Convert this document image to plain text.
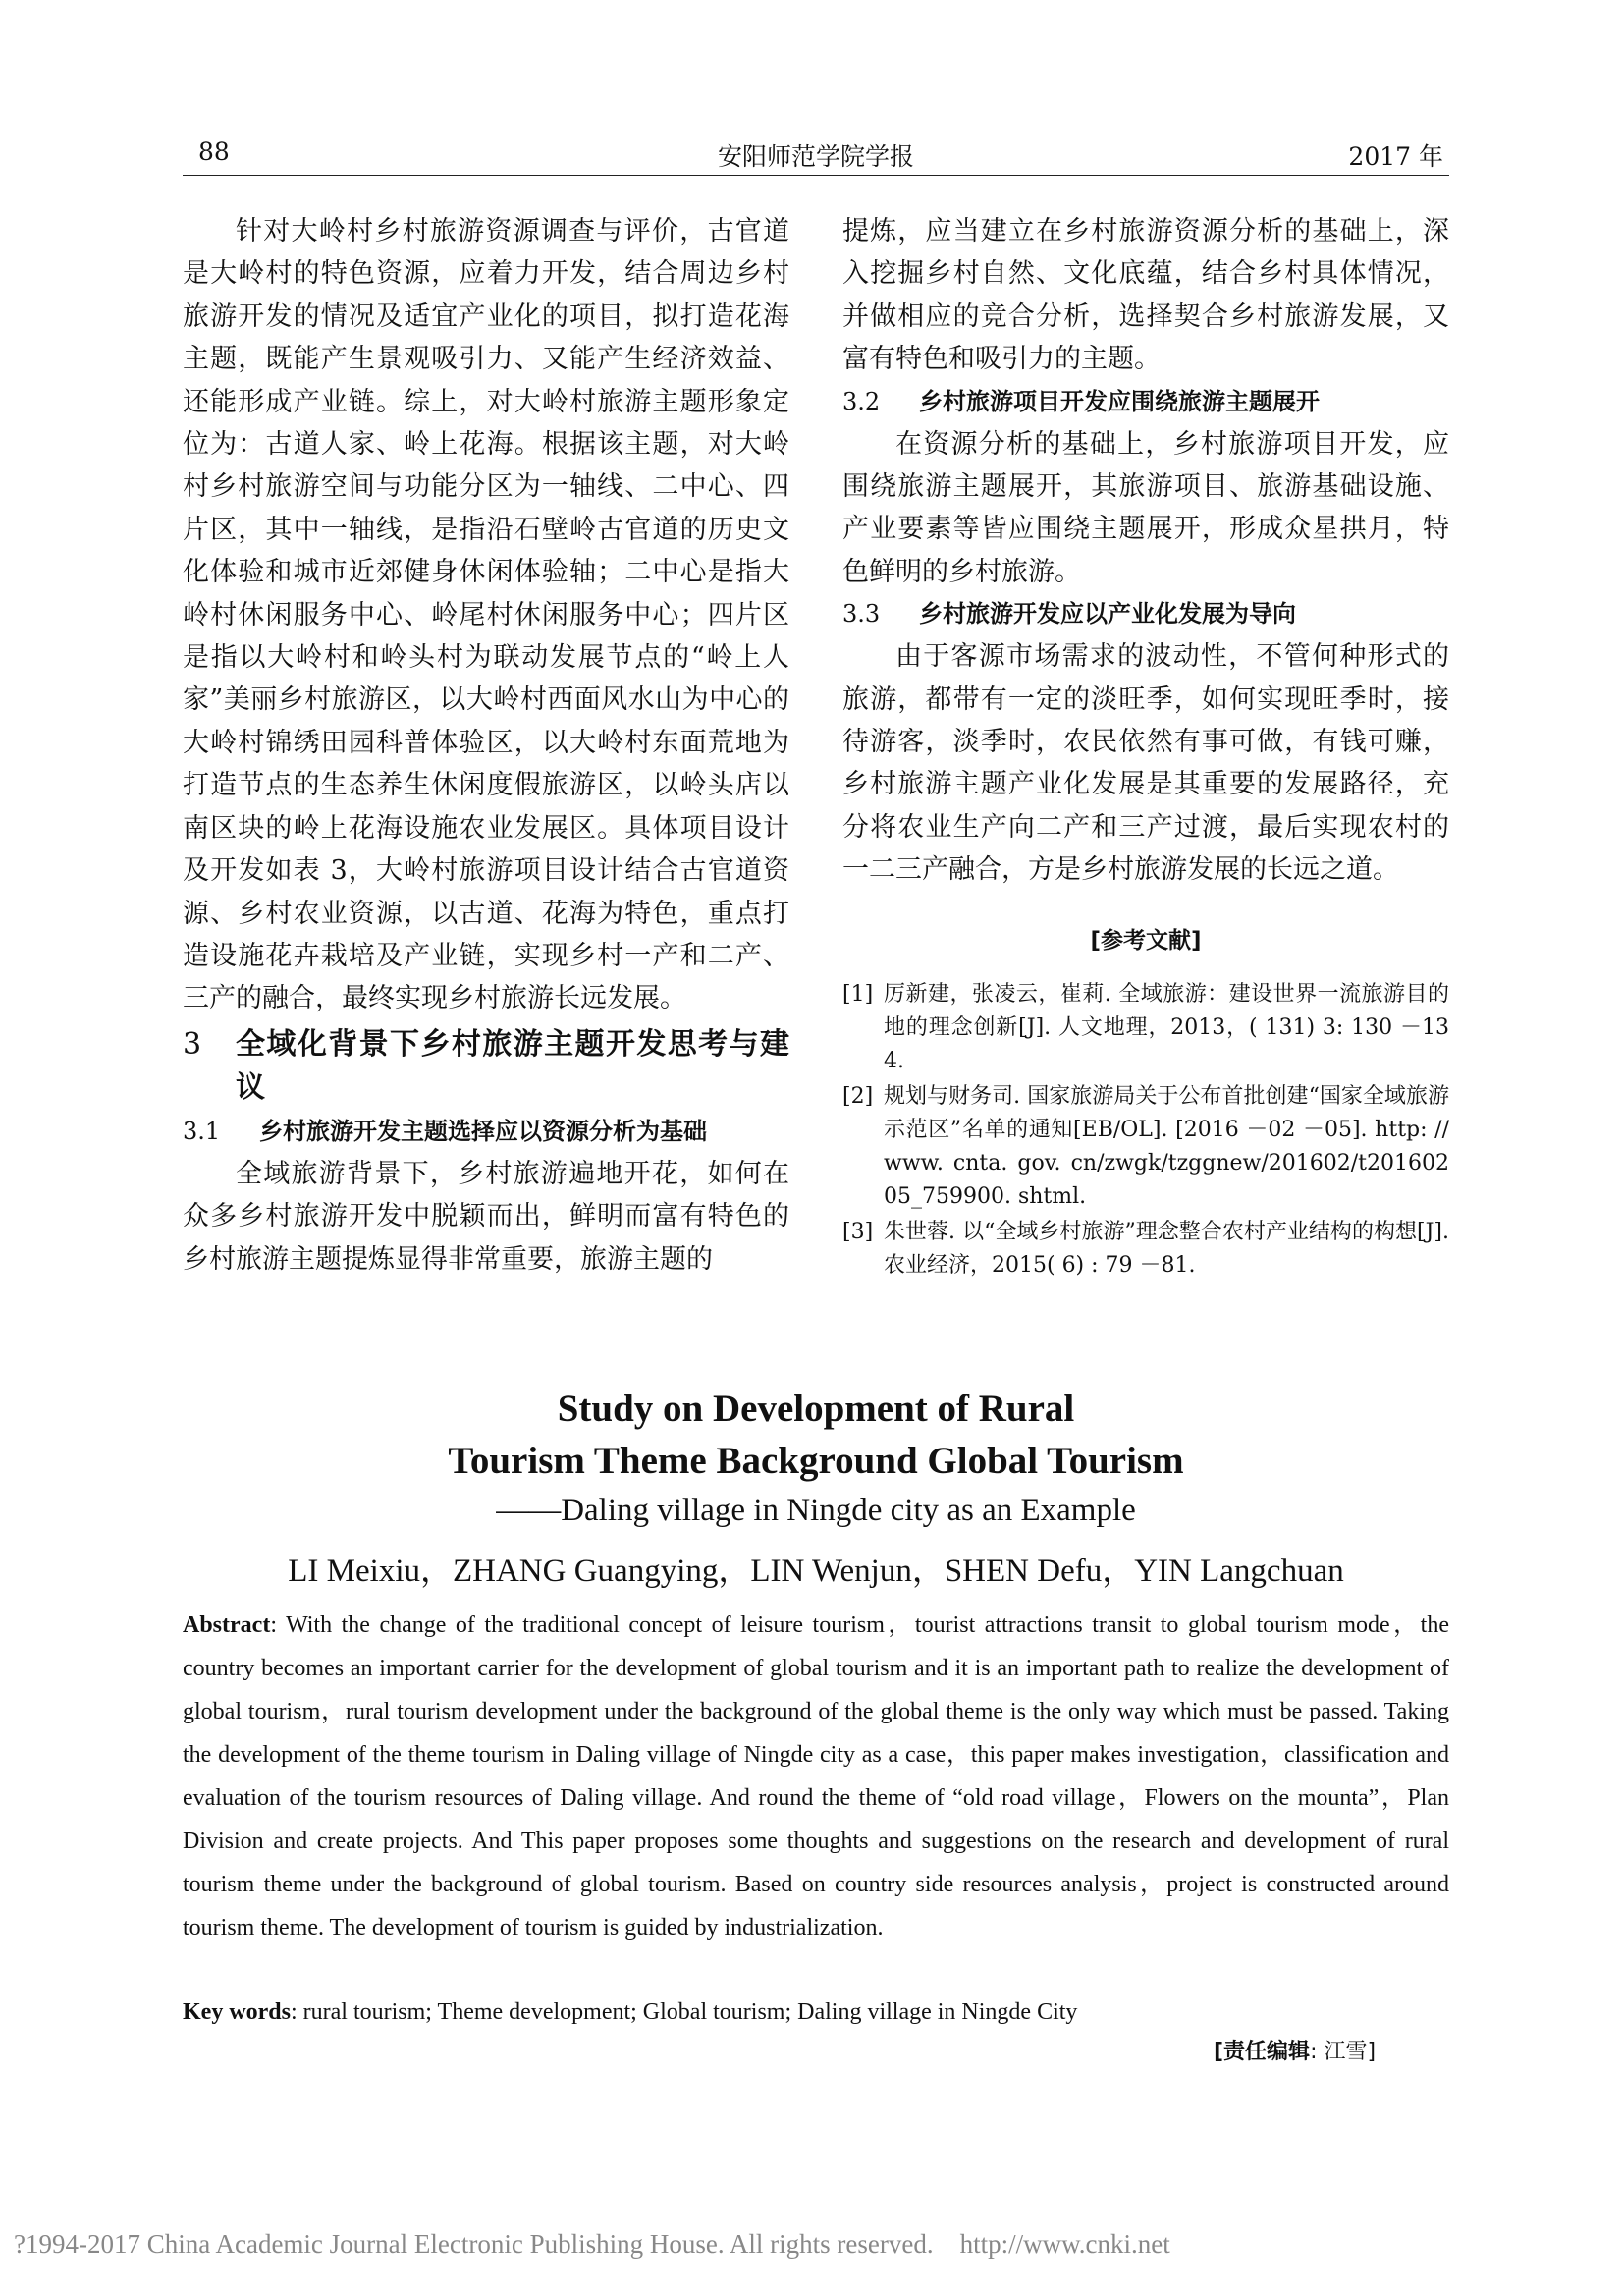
88	安阳师范学院学报	2017 年

针对大岭村乡村旅游资源调查与评价，古官道是大岭村的特色资源，应着力开发，结合周边乡村旅游开发的情况及适宜产业化的项目，拟打造花海主题，既能产生景观吸引力、又能产生经济效益、还能形成产业链。综上，对大岭村旅游主题形象定位为：古道人家、岭上花海。根据该主题，对大岭村乡村旅游空间与功能分区为一轴线、二中心、四片区，其中一轴线，是指沿石壁岭古官道的历史文化体验和城市近郊健身休闲体验轴；二中心是指大岭村休闲服务中心、岭尾村休闲服务中心；四片区是指以大岭村和岭头村为联动发展节点的“岭上人家”美丽乡村旅游区，以大岭村西面风水山为中心的大岭村锦绣田园科普体验区，以大岭村东面荒地为打造节点的生态养生休闲度假旅游区，以岭头店以南区块的岭上花海设施农业发展区。具体项目设计及开发如表 3，大岭村旅游项目设计结合古官道资源、乡村农业资源，以古道、花海为特色，重点打造设施花卉栽培及产业链，实现乡村一产和二产、三产的融合，最终实现乡村旅游长远发展。

3	全域化背景下乡村旅游主题开发思考与建议
3.1	乡村旅游开发主题选择应以资源分析为基础

全域旅游背景下，乡村旅游遍地开花，如何在众多乡村旅游开发中脱颖而出，鲜明而富有特色的乡村旅游主题提炼显得非常重要，旅游主题的

提炼，应当建立在乡村旅游资源分析的基础上，深入挖掘乡村自然、文化底蕴，结合乡村具体情况，并做相应的竞合分析，选择契合乡村旅游发展，又富有特色和吸引力的主题。

3.2	乡村旅游项目开发应围绕旅游主题展开

在资源分析的基础上，乡村旅游项目开发，应围绕旅游主题展开，其旅游项目、旅游基础设施、产业要素等皆应围绕主题展开，形成众星拱月，特色鲜明的乡村旅游。

3.3	乡村旅游开发应以产业化发展为导向

由于客源市场需求的波动性，不管何种形式的旅游，都带有一定的淡旺季，如何实现旺季时，接待游客，淡季时，农民依然有事可做，有钱可赚，乡村旅游主题产业化发展是其重要的发展路径，充分将农业生产向二产和三产过渡，最后实现农村的一二三产融合，方是乡村旅游发展的长远之道。

[参考文献]
[1] 厉新建，张凌云，崔莉. 全域旅游：建设世界一流旅游目的地的理念创新[J]. 人文地理，2013，( 131) 3: 130 －134.
[2] 规划与财务司. 国家旅游局关于公布首批创建“国家全域旅游示范区”名单的通知[EB/OL]. [2016 －02 －05]. http: //www. cnta. gov. cn/zwgk/tzggnew/201602/t20160205_759900. shtml.
[3] 朱世蓉. 以“全域乡村旅游”理念整合农村产业结构的构想[J]. 农业经济，2015( 6) : 79 －81.
Study on Development of Rural
Tourism Theme Background Global Tourism
——Daling village in Ningde city as an Example
LI Meixiu，ZHANG Guangying，LIN Wenjun，SHEN Defu，YIN Langchuan
Abstract: With the change of the traditional concept of leisure tourism，tourist attractions transit to global tourism mode，the country becomes an important carrier for the development of global tourism and it is an important path to realize the development of global tourism，rural tourism development under the background of the global theme is the only way which must be passed. Taking the development of the theme tourism in Daling village of Ningde city as a case，this paper makes investigation，classification and evaluation of the tourism resources of Daling village. And round the theme of “old road village，Flowers on the mounta”，Plan Division and create projects. And This paper proposes some thoughts and suggestions on the research and development of rural tourism theme under the background of global tourism. Based on country side resources analysis，project is constructed around tourism theme. The development of tourism is guided by industrialization.
Key words: rural tourism; Theme development; Global tourism; Daling village in Ningde City
[责任编辑: 江雪]
?1994-2017 China Academic Journal Electronic Publishing House. All rights reserved.    http://www.cnki.net
